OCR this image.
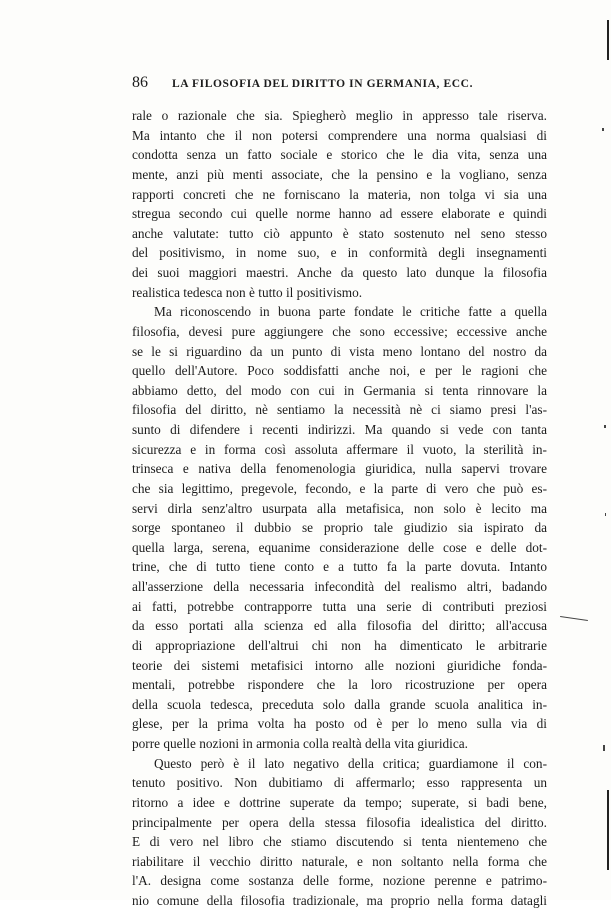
86 LA FILOSOFIA DEL DIRITTO IN GERMANIA, ECC.
rale o razionale che sia. Spiegherò meglio in appresso tale riserva.
Ma intanto che il non potersi comprendere una norma qualsiasi di
condotta senza un fatto sociale e storico che le dia vita, senza una
mente, anzi più menti associate, che la pensino e la vogliano, senza
rapporti concreti che ne forniscano la materia, non tolga vi sia una
stregua secondo cui quelle norme hanno ad essere elaborate e quindi
anche valutate: tutto ciò appunto è stato sostenuto nel seno stesso
del positivismo, in nome suo, e in conformità degli insegnamenti
dei suoi maggiori maestri. Anche da questo lato dunque la filosofia
realistica tedesca non è tutto il positivismo.
Ma riconoscendo in buona parte fondate le critiche fatte a quella
filosofia, devesi pure aggiungere che sono eccessive; eccessive anche
se le si riguardino da un punto di vista meno lontano del nostro da
quello dell'Autore. Poco soddisfatti anche noi, e per le ragioni che
abbiamo detto, del modo con cui in Germania si tenta rinnovare la
filosofia del diritto, nè sentiamo la necessità nè ci siamo presi l'as-
sunto di difendere i recenti indirizzi. Ma quando si vede con tanta
sicurezza e in forma così assoluta affermare il vuoto, la sterilità in-
trinseca e nativa della fenomenologia giuridica, nulla sapervi trovare
che sia legittimo, pregevole, fecondo, e la parte di vero che può es-
servi dirla senz'altro usurpata alla metafisica, non solo è lecito ma
sorge spontaneo il dubbio se proprio tale giudizio sia ispirato da
quella larga, serena, equanime considerazione delle cose e delle dot-
trine, che di tutto tiene conto e a tutto fa la parte dovuta. Intanto
all'asserzione della necessaria infecondità del realismo altri, badando
ai fatti, potrebbe contrapporre tutta una serie di contributi preziosi
da esso portati alla scienza ed alla filosofia del diritto; all'accusa
di appropriazione dell'altrui chi non ha dimenticato le arbitrarie
teorie dei sistemi metafisici intorno alle nozioni giuridiche fonda-
mentali, potrebbe rispondere che la loro ricostruzione per opera
della scuola tedesca, preceduta solo dalla grande scuola analitica in-
glese, per la prima volta ha posto od è per lo meno sulla via di
porre quelle nozioni in armonia colla realtà della vita giuridica.
Questo però è il lato negativo della critica; guardiamone il con-
tenuto positivo. Non dubitiamo di affermarlo; esso rappresenta un
ritorno a idee e dottrine superate da tempo; superate, si badi bene,
principalmente per opera della stessa filosofia idealistica del diritto.
E di vero nel libro che stiamo discutendo si tenta nientemeno che
riabilitare il vecchio diritto naturale, e non soltanto nella forma che
l'A. designa come sostanza delle forme, nozione perenne e patrimo-
nio comune della filosofia tradizionale, ma proprio nella forma datagli
